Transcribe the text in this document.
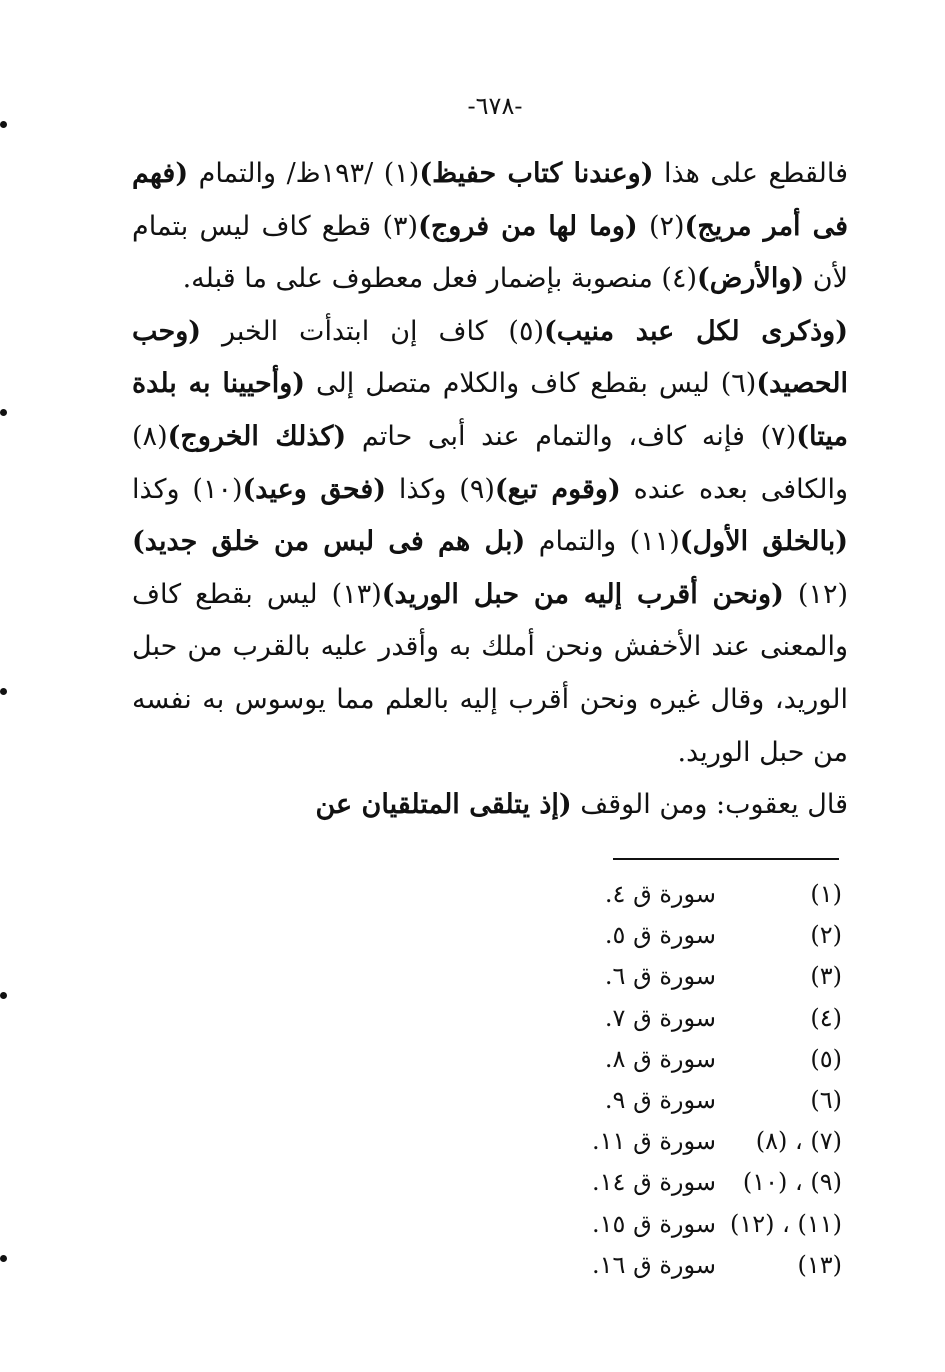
-٦٧٨-

فالقطع على هذا (وعندنا كتاب حفيظ)(١) /١٩٣ظ/ والتمام (فهم فى أمر مريج)(٢) (وما لها من فروج)(٣) قطع كاف ليس بتمام لأن (والأرض)(٤) منصوبة بإضمار فعل معطوف على ما قبله.

(وذكرى لكل عبد منيب)(٥) كاف إن ابتدأت الخبر (وحب الحصيد)(٦) ليس بقطع كاف والكلام متصل إلى (وأحيينا به بلدة ميتا)(٧) فإنه كاف، والتمام عند أبى حاتم (كذلك الخروج)(٨) والكافى بعده عنده (وقوم تبع)(٩) وكذا (فحق وعيد)(١٠) وكذا (بالخلق الأول)(١١) والتمام (بل هم فى لبس من خلق جديد)(١٢) (ونحن أقرب إليه من حبل الوريد)(١٣) ليس بقطع كاف والمعنى عند الأخفش ونحن أملك به وأقدر عليه بالقرب من حبل الوريد، وقال غيره ونحن أقرب إليه بالعلم مما يوسوس به نفسه من حبل الوريد.

قال يعقوب: ومن الوقف (إذ يتلقى المتلقيان عن

(١)
سورة ق ٤.
(٢)
سورة ق ٥.
(٣)
سورة ق ٦.
(٤)
سورة ق ٧.
(٥)
سورة ق ٨.
(٦)
سورة ق ٩.
(٧) ، (٨)
سورة ق ١١.
(٩) ، (١٠)
سورة ق ١٤.
(١١) ، (١٢)
سورة ق ١٥.
(١٣)
سورة ق ١٦.
